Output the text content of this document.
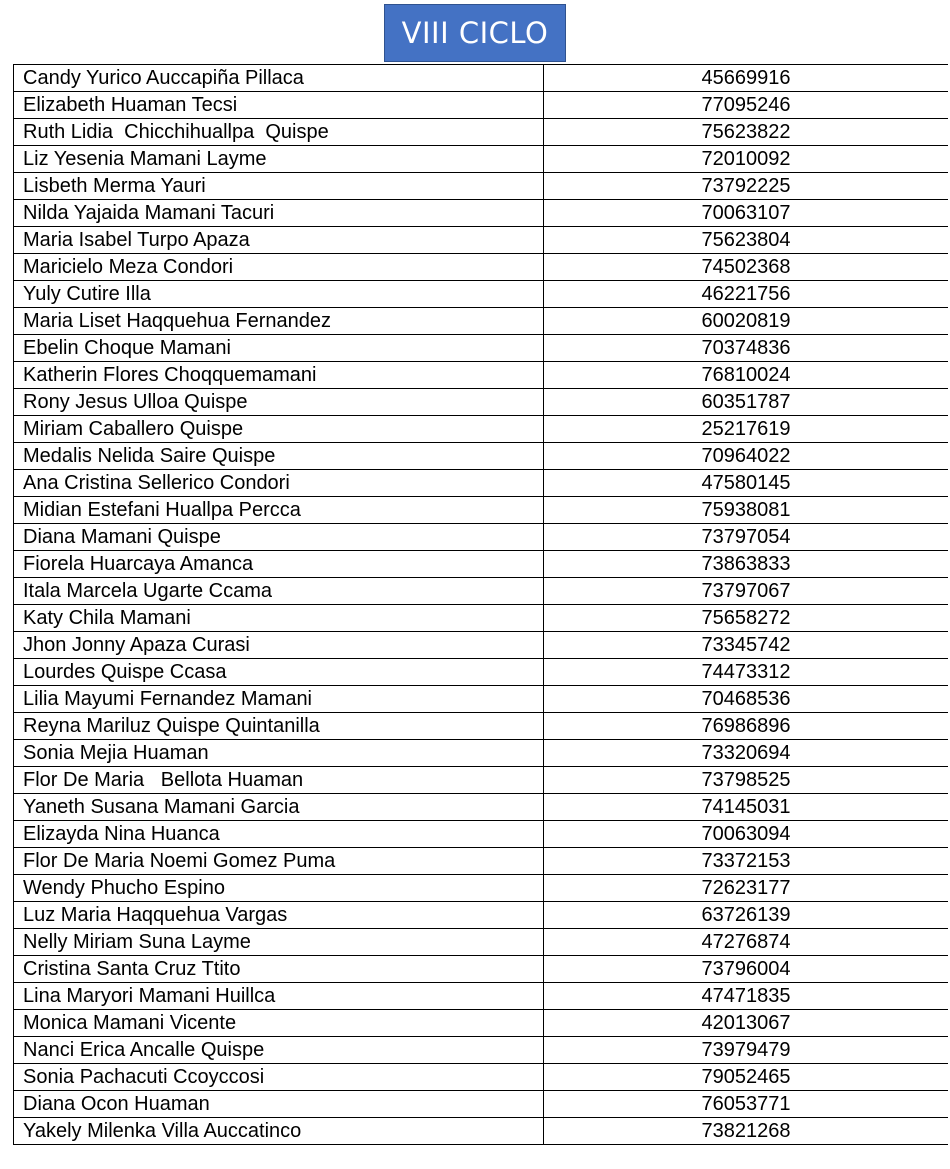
VIII CICLO
Candy Yurico Auccapiña Pillaca	45669916
Elizabeth Huaman Tecsi	77095246
Ruth Lidia  Chicchihuallpa  Quispe	75623822
Liz Yesenia Mamani Layme	72010092
Lisbeth Merma Yauri	73792225
Nilda Yajaida Mamani Tacuri	70063107
Maria Isabel Turpo Apaza	75623804
Maricielo Meza Condori	74502368
Yuly Cutire Illa	46221756
Maria Liset Haqquehua Fernandez	60020819
Ebelin Choque Mamani	70374836
Katherin Flores Choqquemamani	76810024
Rony Jesus Ulloa Quispe	60351787
Miriam Caballero Quispe	25217619
Medalis Nelida Saire Quispe	70964022
Ana Cristina Sellerico Condori	47580145
Midian Estefani Huallpa Percca	75938081
Diana Mamani Quispe	73797054
Fiorela Huarcaya Amanca	73863833
Itala Marcela Ugarte Ccama	73797067
Katy Chila Mamani	75658272
Jhon Jonny Apaza Curasi	73345742
Lourdes Quispe Ccasa	74473312
Lilia Mayumi Fernandez Mamani	70468536
Reyna Mariluz Quispe Quintanilla	76986896
Sonia Mejia Huaman	73320694
Flor De Maria   Bellota Huaman	73798525
Yaneth Susana Mamani Garcia	74145031
Elizayda Nina Huanca	70063094
Flor De Maria Noemi Gomez Puma	73372153
Wendy Phucho Espino	72623177
Luz Maria Haqquehua Vargas	63726139
Nelly Miriam Suna Layme	47276874
Cristina Santa Cruz Ttito	73796004
Lina Maryori Mamani Huillca	47471835
Monica Mamani Vicente	42013067
Nanci Erica Ancalle Quispe	73979479
Sonia Pachacuti Ccoyccosi	79052465
Diana Ocon Huaman	76053771
Yakely Milenka Villa Auccatinco	73821268
